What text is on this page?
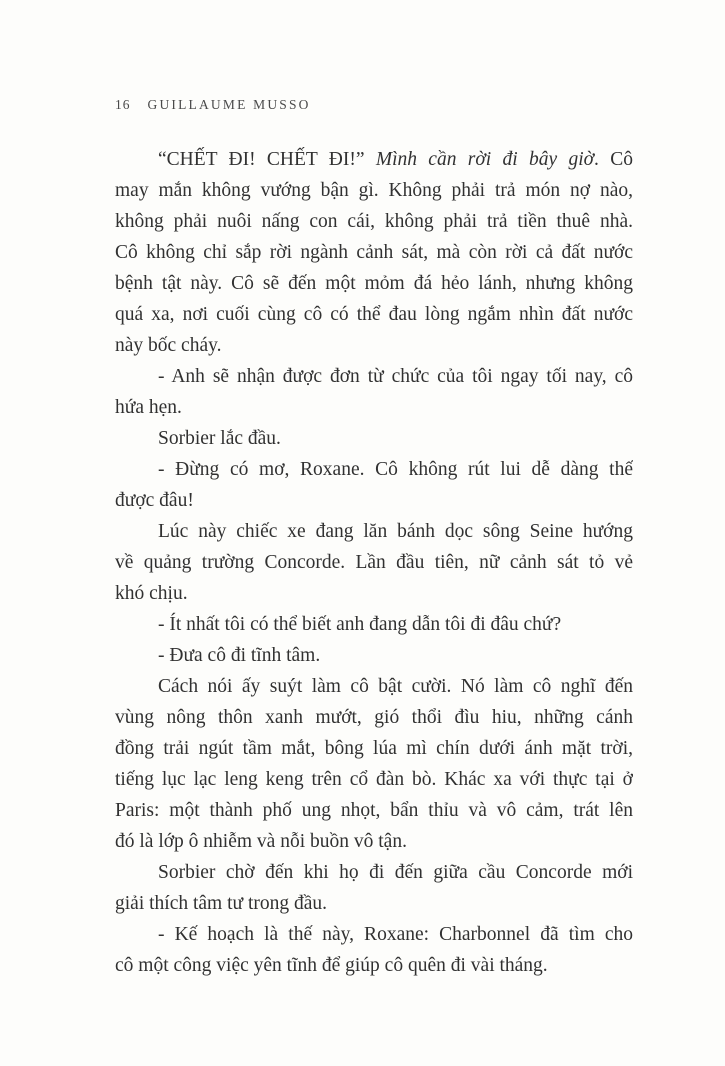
16 GUILLAUME MUSSO
“CHẾT ĐI! CHẾT ĐI!” Mình cần rời đi bây giờ. Cô
may mắn không vướng bận gì. Không phải trả món nợ nào,
không phải nuôi nấng con cái, không phải trả tiền thuê nhà.
Cô không chỉ sắp rời ngành cảnh sát, mà còn rời cả đất nước
bệnh tật này. Cô sẽ đến một mỏm đá hẻo lánh, nhưng không
quá xa, nơi cuối cùng cô có thể đau lòng ngắm nhìn đất nước
này bốc cháy.
- Anh sẽ nhận được đơn từ chức của tôi ngay tối nay, cô
hứa hẹn.
Sorbier lắc đầu.
- Đừng có mơ, Roxane. Cô không rút lui dễ dàng thế
được đâu!
Lúc này chiếc xe đang lăn bánh dọc sông Seine hướng
về quảng trường Concorde. Lần đầu tiên, nữ cảnh sát tỏ vẻ
khó chịu.
- Ít nhất tôi có thể biết anh đang dẫn tôi đi đâu chứ?
- Đưa cô đi tĩnh tâm.
Cách nói ấy suýt làm cô bật cười. Nó làm cô nghĩ đến
vùng nông thôn xanh mướt, gió thổi đìu hiu, những cánh
đồng trải ngút tầm mắt, bông lúa mì chín dưới ánh mặt trời,
tiếng lục lạc leng keng trên cổ đàn bò. Khác xa với thực tại ở
Paris: một thành phố ung nhọt, bẩn thỉu và vô cảm, trát lên
đó là lớp ô nhiễm và nỗi buồn vô tận.
Sorbier chờ đến khi họ đi đến giữa cầu Concorde mới
giải thích tâm tư trong đầu.
- Kế hoạch là thế này, Roxane: Charbonnel đã tìm cho
cô một công việc yên tĩnh để giúp cô quên đi vài tháng.
